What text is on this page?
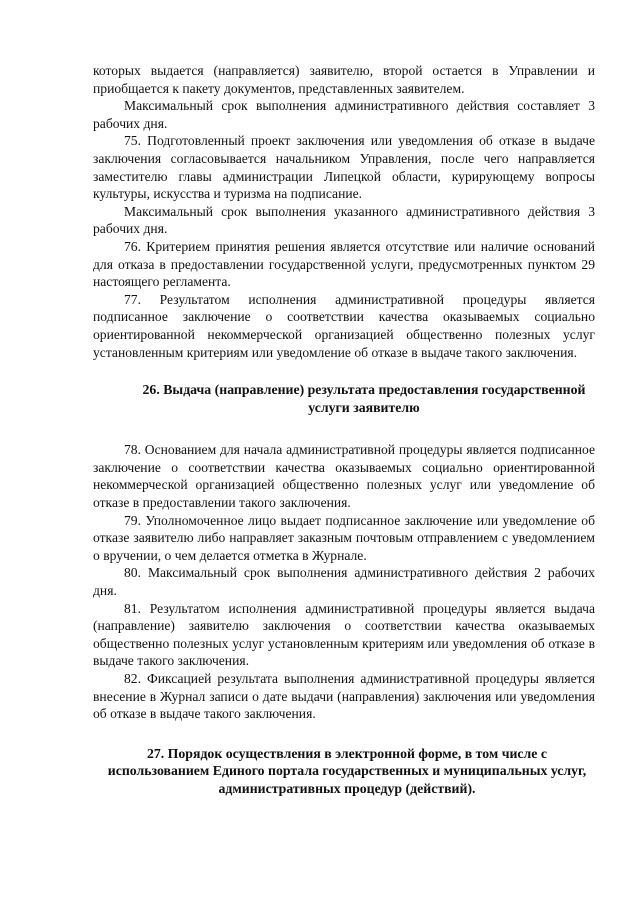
которых выдается (направляется) заявителю, второй остается в Управлении и приобщается к пакету документов, представленных заявителем.

Максимальный срок выполнения административного действия составляет 3 рабочих дня.

75. Подготовленный проект заключения или уведомления об отказе в выдаче заключения согласовывается начальником Управления, после чего направляется заместителю главы администрации Липецкой области, курирующему вопросы культуры, искусства и туризма на подписание.

Максимальный срок выполнения указанного административного действия 3 рабочих дня.

76. Критерием принятия решения является отсутствие или наличие оснований для отказа в предоставлении государственной услуги, предусмотренных пунктом 29 настоящего регламента.

77. Результатом исполнения административной процедуры является подписанное заключение о соответствии качества оказываемых социально ориентированной некоммерческой организацией общественно полезных услуг установленным критериям или уведомление об отказе в выдаче такого заключения.

26. Выдача (направление) результата предоставления государственной услуги заявителю

78. Основанием для начала административной процедуры является подписанное заключение о соответствии качества оказываемых социально ориентированной некоммерческой организацией общественно полезных услуг или уведомление об отказе в предоставлении такого заключения.

79. Уполномоченное лицо выдает подписанное заключение или уведомление об отказе заявителю либо направляет заказным почтовым отправлением с уведомлением о вручении, о чем делается отметка в Журнале.

80. Максимальный срок выполнения административного действия 2 рабочих дня.

81. Результатом исполнения административной процедуры является выдача (направление) заявителю заключения о соответствии качества оказываемых общественно полезных услуг установленным критериям или уведомления об отказе в выдаче такого заключения.

82. Фиксацией результата выполнения административной процедуры является внесение в Журнал записи о дате выдачи (направления) заключения или уведомления об отказе в выдаче такого заключения.

27. Порядок осуществления в электронной форме, в том числе с использованием Единого портала государственных и муниципальных услуг, административных процедур (действий).
